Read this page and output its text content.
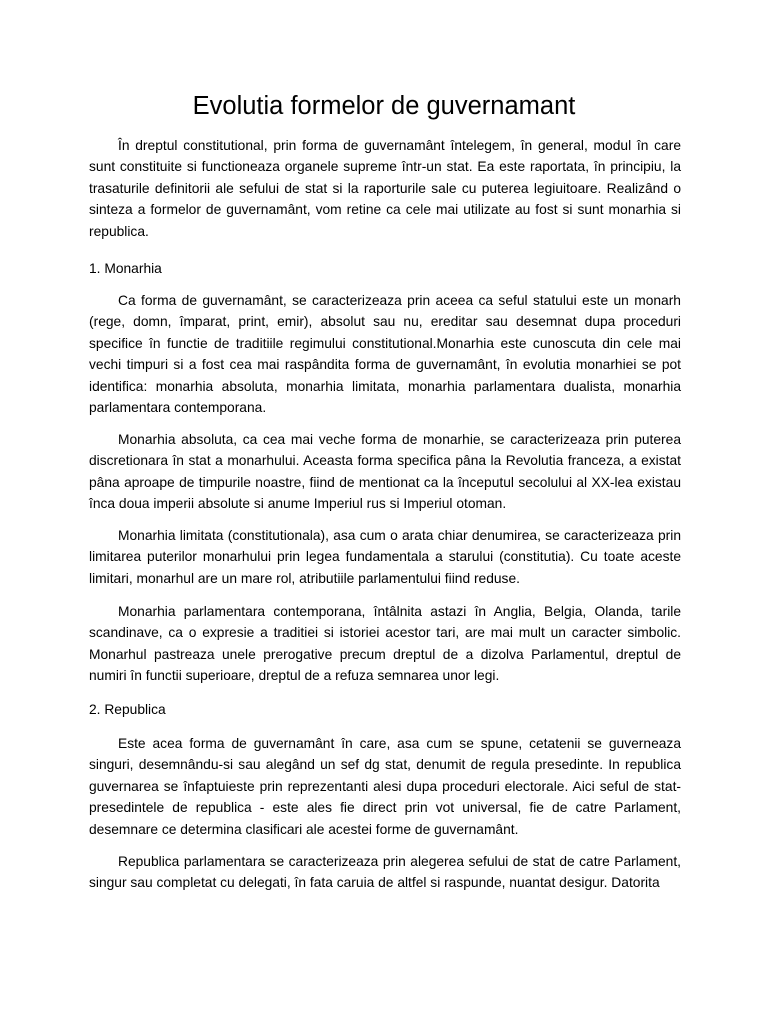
Evolutia formelor de guvernamant

În dreptul constitutional, prin forma de guvernamânt întelegem, în general, modul în care sunt constituite si functioneaza organele supreme într-un stat. Ea este raportata, în principiu, la trasaturile definitorii ale sefului de stat si la raporturile sale cu puterea legiuitoare. Realizând o sinteza a formelor de guvernamânt, vom retine ca cele mai utilizate au fost si sunt monarhia si republica.

1. Monarhia

Ca forma de guvernamânt, se caracterizeaza prin aceea ca seful statului este un monarh (rege, domn, împarat, print, emir), absolut sau nu, ereditar sau desemnat dupa proceduri specifice în functie de traditiile regimului constitutional.Monarhia este cunoscuta din cele mai vechi timpuri si a fost cea mai raspândita forma de guvernamânt, în evolutia monarhiei se pot identifica: monarhia absoluta, monarhia limitata, monarhia parlamentara dualista, monarhia parlamentara contemporana.

Monarhia absoluta, ca cea mai veche forma de monarhie, se caracterizeaza prin puterea discretionara în stat a monarhului. Aceasta forma specifica pâna la Revolutia franceza, a existat pâna aproape de timpurile noastre, fiind de mentionat ca la începutul secolului al XX-lea existau înca doua imperii absolute si anume Imperiul rus si Imperiul otoman.

Monarhia limitata (constitutionala), asa cum o arata chiar denumirea, se caracterizeaza prin limitarea puterilor monarhului prin legea fundamentala a starului (constitutia). Cu toate aceste limitari, monarhul are un mare rol, atributiile parlamentului fiind reduse.

Monarhia parlamentara contemporana, întâlnita astazi în Anglia, Belgia, Olanda, tarile scandinave, ca o expresie a traditiei si istoriei acestor tari, are mai mult un caracter simbolic. Monarhul pastreaza unele prerogative precum dreptul de a dizolva Parlamentul, dreptul de numiri în functii superioare, dreptul de a refuza semnarea unor legi.

2. Republica

Este acea forma de guvernamânt în care, asa cum se spune, cetatenii se guverneaza singuri, desemnându-si sau alegând un sef dg stat, denumit de regula presedinte. In republica guvernarea se înfaptuieste prin reprezentanti alesi dupa proceduri electorale. Aici seful de stat-presedintele de republica - este ales fie direct prin vot universal, fie de catre Parlament, desemnare ce determina clasificari ale acestei forme de guvernamânt.

Republica parlamentara se caracterizeaza prin alegerea sefului de stat de catre Parlament, singur sau completat cu delegati, în fata caruia de altfel si raspunde, nuantat desigur. Datorita
